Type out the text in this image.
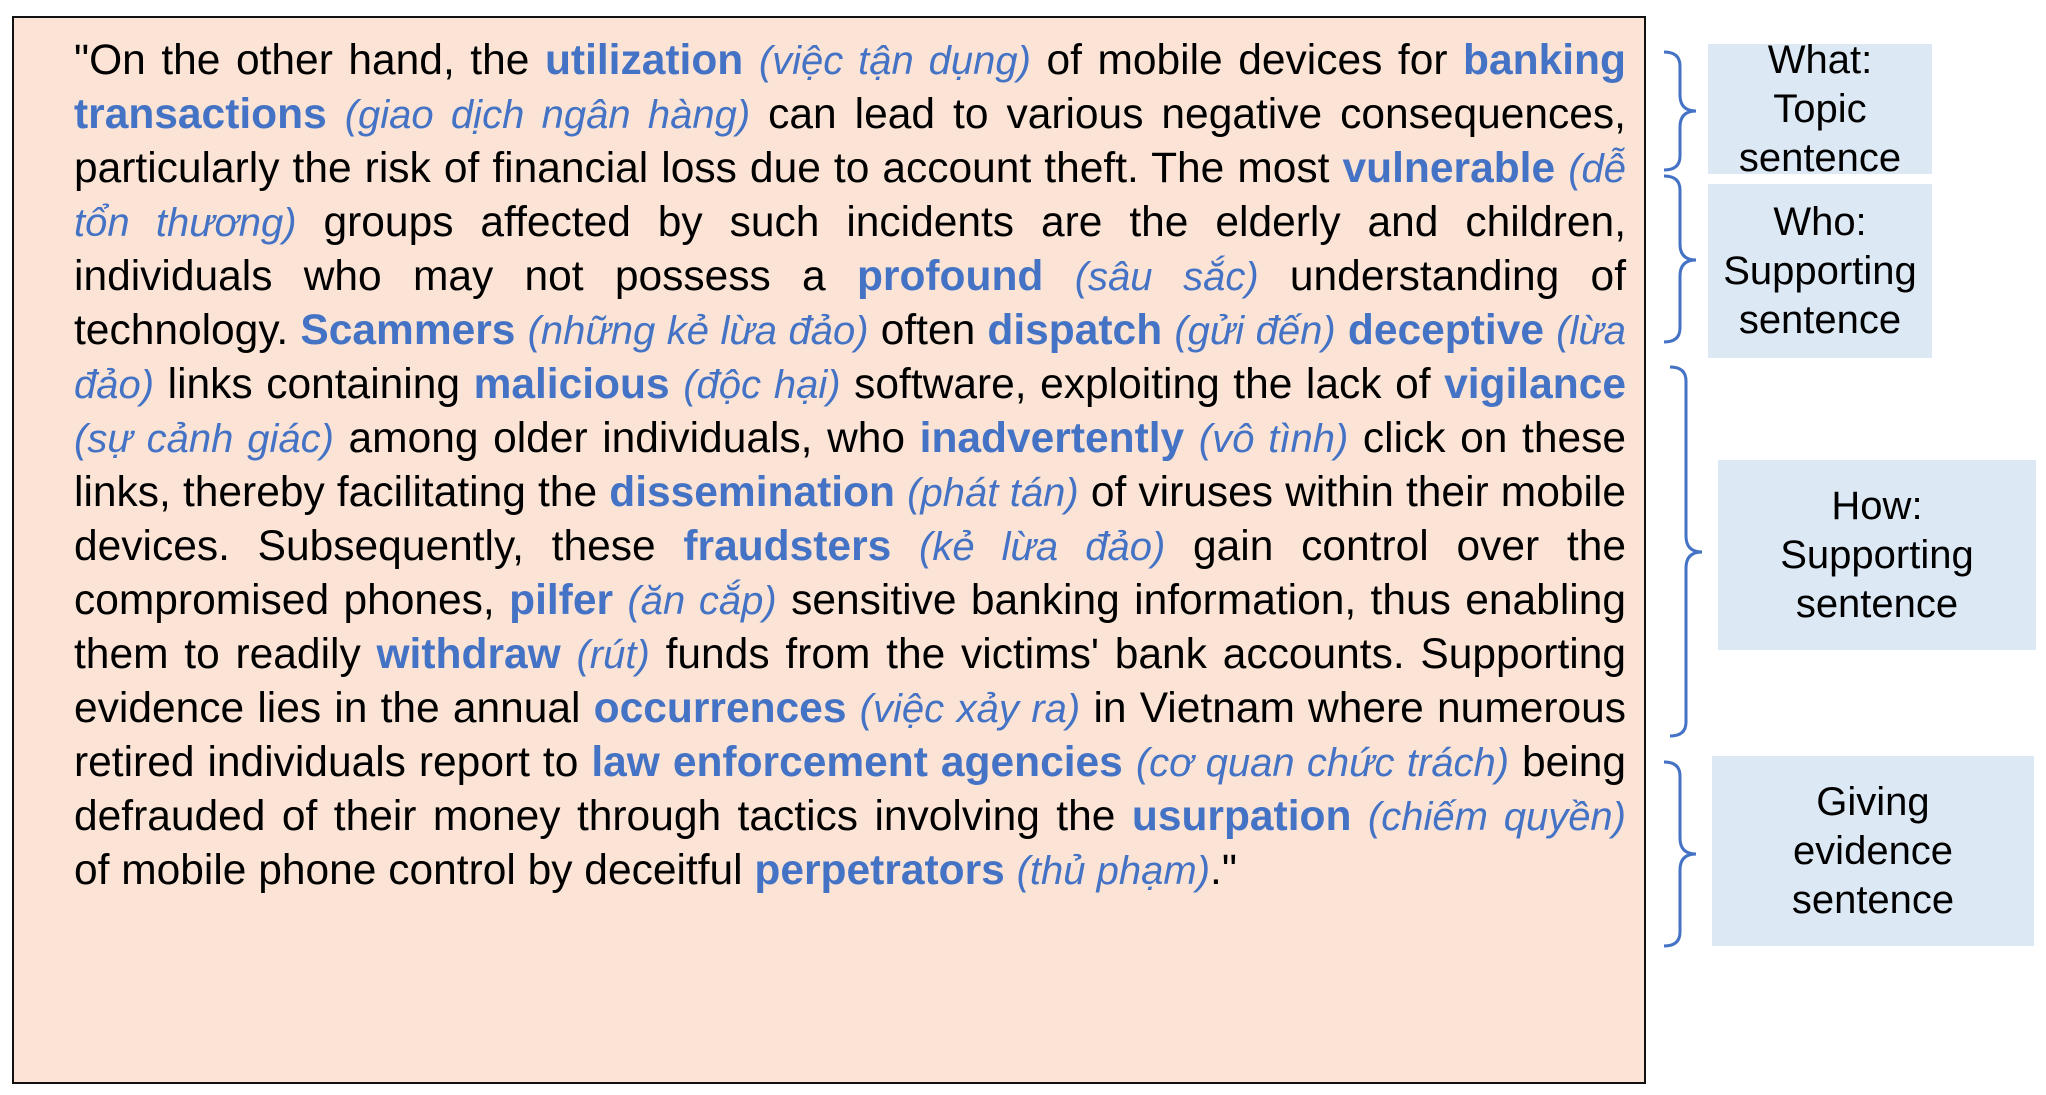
"On the other hand, the utilization (việc tận dụng) of mobile devices for banking transactions (giao dịch ngân hàng) can lead to various negative consequences, particularly the risk of financial loss due to account theft. The most vulnerable (dễ tổn thương) groups affected by such incidents are the elderly and children, individuals who may not possess a profound (sâu sắc) understanding of technology. Scammers (những kẻ lừa đảo) often dispatch (gửi đến) deceptive (lừa đảo) links containing malicious (độc hại) software, exploiting the lack of vigilance (sự cảnh giác) among older individuals, who inadvertently (vô tình) click on these links, thereby facilitating the dissemination (phát tán) of viruses within their mobile devices. Subsequently, these fraudsters (kẻ lừa đảo) gain control over the compromised phones, pilfer (ăn cắp) sensitive banking information, thus enabling them to readily withdraw (rút) funds from the victims' bank accounts. Supporting evidence lies in the annual occurrences (việc xảy ra) in Vietnam where numerous retired individuals report to law enforcement agencies (cơ quan chức trách) being defrauded of their money through tactics involving the usurpation (chiếm quyền) of mobile phone control by deceitful perpetrators (thủ phạm)."

What: Topic
sentence
Who:
Supporting
sentence
How:
Supporting
sentence
Giving
evidence
sentence
